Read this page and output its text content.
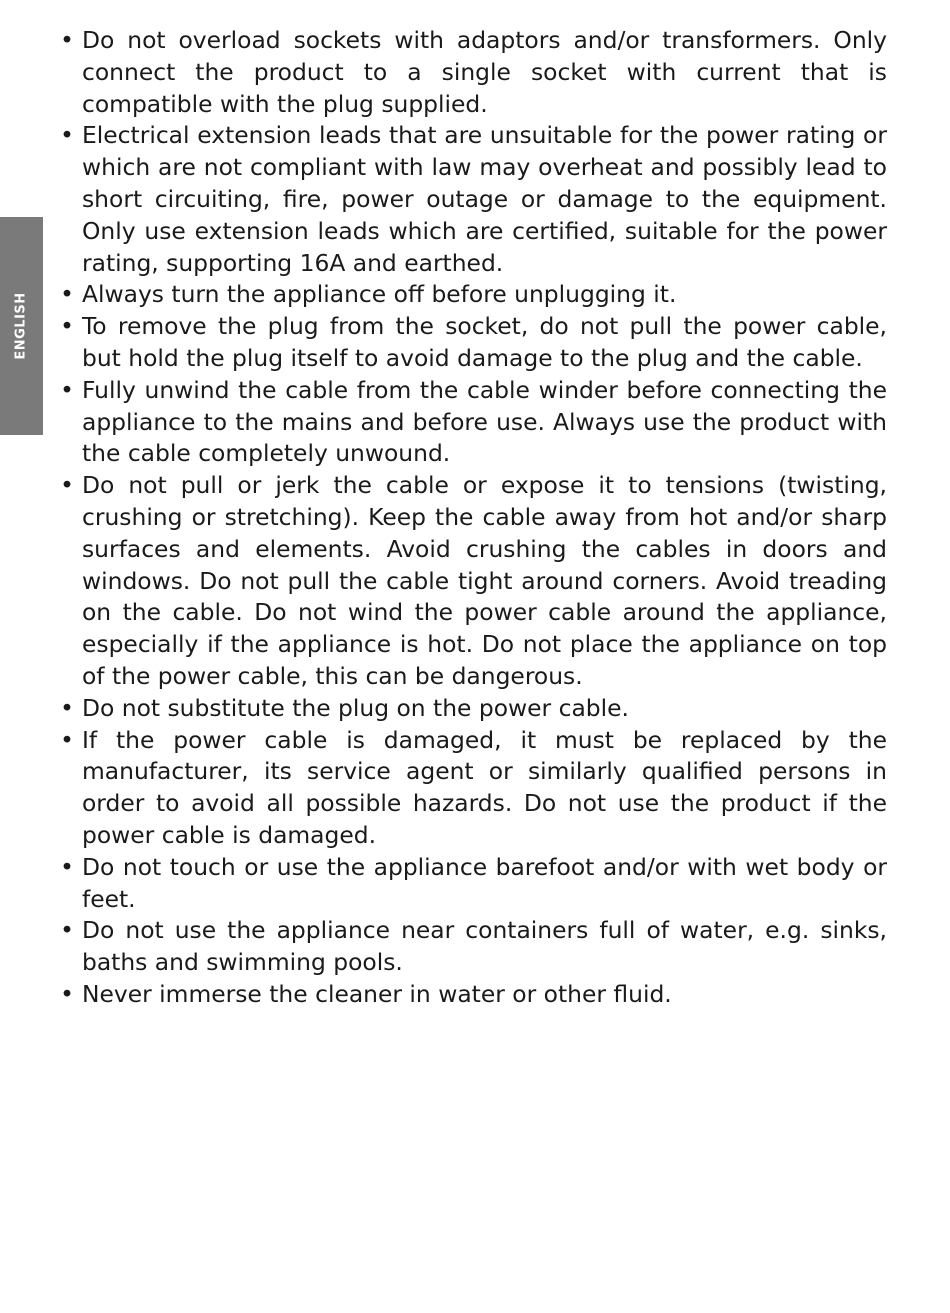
ENGLISH
• Do not overload sockets with adaptors and/or transformers. Only connect the product to a single socket with current that is compatible with the plug supplied.
• Electrical extension leads that are unsuitable for the power rating or which are not compliant with law may overheat and possibly lead to short circuiting, fire, power outage or damage to the equipment. Only use extension leads which are certified, suitable for the power rating, supporting 16A and earthed.
• Always turn the appliance off before unplugging it.
• To remove the plug from the socket, do not pull the power cable, but hold the plug itself to avoid damage to the plug and the cable.
• Fully unwind the cable from the cable winder before connecting the appliance to the mains and before use. Always use the product with the cable completely unwound.
• Do not pull or jerk the cable or expose it to tensions (twisting, crushing or stretching). Keep the cable away from hot and/or sharp surfaces and elements. Avoid crushing the cables in doors and windows. Do not pull the cable tight around corners. Avoid treading on the cable. Do not wind the power cable around the appliance, especially if the appliance is hot. Do not place the appliance on top of the power cable, this can be dangerous.
• Do not substitute the plug on the power cable.
• If the power cable is damaged, it must be replaced by the manufacturer, its service agent or similarly qualified persons in order to avoid all possible hazards. Do not use the product if the power cable is damaged.
• Do not touch or use the appliance barefoot and/or with wet body or feet.
• Do not use the appliance near containers full of water, e.g. sinks, baths and swimming pools.
• Never immerse the cleaner in water or other fluid.
